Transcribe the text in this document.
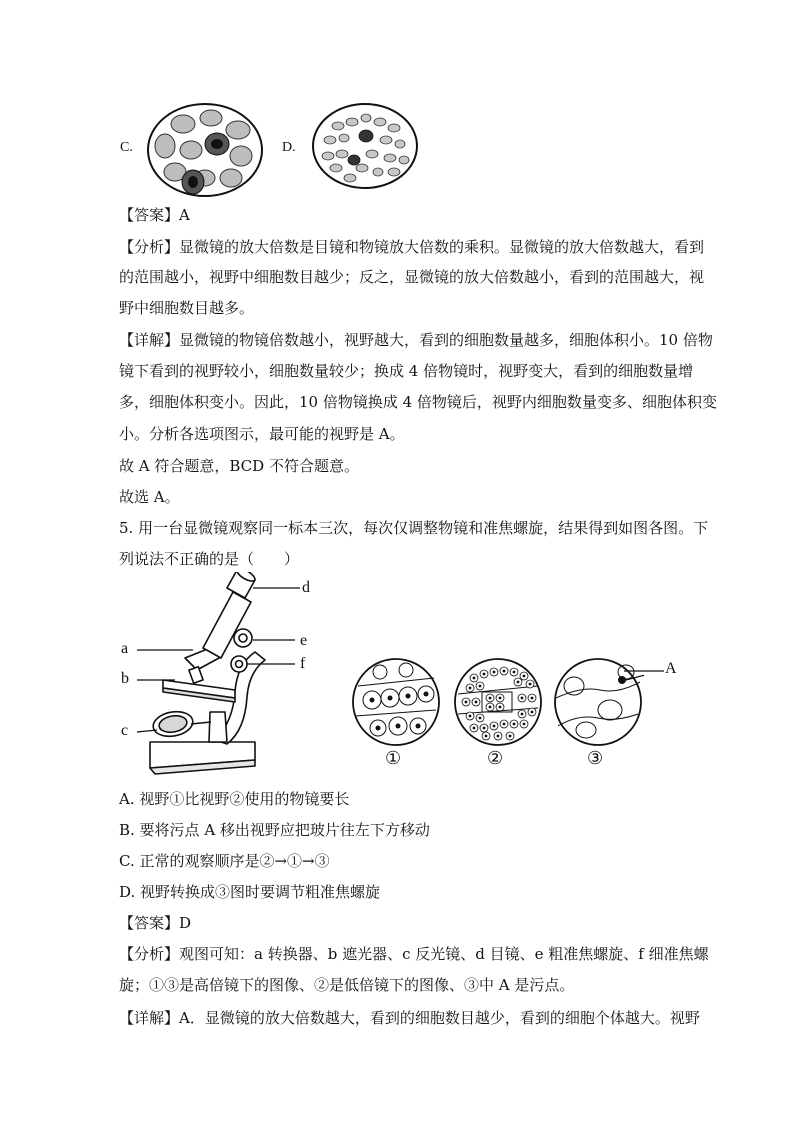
C.	D.
【答案】A
【分析】显微镜的放大倍数是目镜和物镜放大倍数的乘积。显微镜的放大倍数越大，看到
的范围越小，视野中细胞数目越少；反之，显微镜的放大倍数越小，看到的范围越大，视
野中细胞数目越多。
【详解】显微镜的物镜倍数越小，视野越大，看到的细胞数量越多，细胞体积小。10 倍物
镜下看到的视野较小，细胞数量较少；换成 4 倍物镜时，视野变大，看到的细胞数量增
多，细胞体积变小。因此，10 倍物镜换成 4 倍物镜后，视野内细胞数量变多、细胞体积变
小。分析各选项图示，最可能的视野是 A。
故 A 符合题意，BCD 不符合题意。
故选 A。
5. 用一台显微镜观察同一标本三次，每次仅调整物镜和准焦螺旋，结果得到如图各图。下
列说法不正确的是（　　）
d
e
f
a
b
c
①	②
A
③
A. 视野①比视野②使用的物镜要长
B. 要将污点 A 移出视野应把玻片往左下方移动
C. 正常的观察顺序是②→①→③
D. 视野转换成③图时要调节粗准焦螺旋
【答案】D
【分析】观图可知：a 转换器、b 遮光器、c 反光镜、d 目镜、e 粗准焦螺旋、f 细准焦螺
旋；①③是高倍镜下的图像、②是低倍镜下的图像、③中 A 是污点。
【详解】A．显微镜的放大倍数越大，看到的细胞数目越少，看到的细胞个体越大。视野
